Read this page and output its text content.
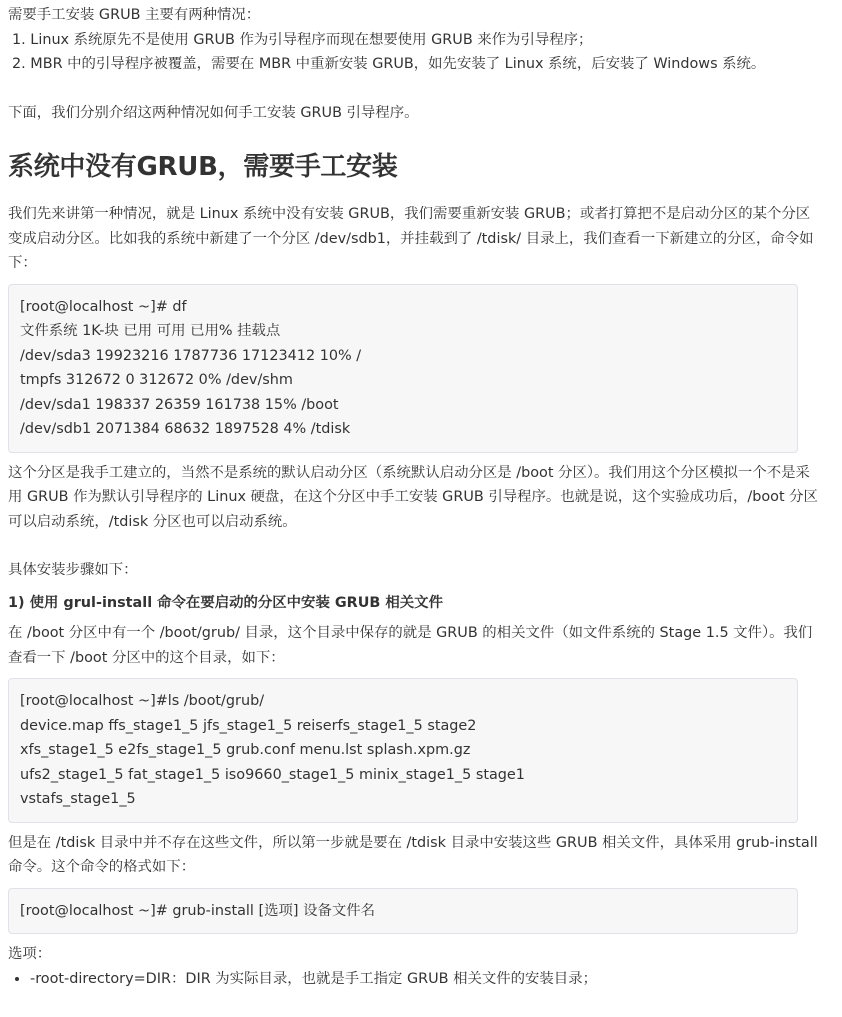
需要手工安装 GRUB 主要有两种情况：
1. Linux 系统原先不是使用 GRUB 作为引导程序而现在想要使用 GRUB 来作为引导程序；
2. MBR 中的引导程序被覆盖，需要在 MBR 中重新安装 GRUB，如先安装了 Linux 系统，后安装了 Windows 系统。
下面，我们分别介绍这两种情况如何手工安装 GRUB 引导程序。
系统中没有GRUB，需要手工安装

我们先来讲第一种情况，就是 Linux 系统中没有安装 GRUB，我们需要重新安装 GRUB；或者打算把不是启动分区的某个分区变成启动分区。比如我的系统中新建了一个分区 /dev/sdb1，并挂载到了 /tdisk/ 目录上，我们查看一下新建立的分区，命令如下：

[root@localhost ~]# df
文件系统 1K-块 已用 可用 已用% 挂载点
/dev/sda3 19923216 1787736 17123412 10% /
tmpfs 312672 0 312672 0% /dev/shm
/dev/sda1 198337 26359 161738 15% /boot
/dev/sdb1 2071384 68632 1897528 4% /tdisk

这个分区是我手工建立的，当然不是系统的默认启动分区（系统默认启动分区是 /boot 分区）。我们用这个分区模拟一个不是采用 GRUB 作为默认引导程序的 Linux 硬盘，在这个分区中手工安装 GRUB 引导程序。也就是说，这个实验成功后，/boot 分区可以启动系统，/tdisk 分区也可以启动系统。

具体安装步骤如下：
1) 使用 grul-install 命令在要启动的分区中安装 GRUB 相关文件

在 /boot 分区中有一个 /boot/grub/ 目录，这个目录中保存的就是 GRUB 的相关文件（如文件系统的 Stage 1.5 文件）。我们查看一下 /boot 分区中的这个目录，如下：

[root@localhost ~]#ls /boot/grub/
device.map ffs_stage1_5 jfs_stage1_5 reiserfs_stage1_5 stage2
xfs_stage1_5 e2fs_stage1_5 grub.conf menu.lst splash.xpm.gz
ufs2_stage1_5 fat_stage1_5 iso9660_stage1_5 minix_stage1_5 stage1
vstafs_stage1_5

但是在 /tdisk 目录中并不存在这些文件，所以第一步就是要在 /tdisk 目录中安装这些 GRUB 相关文件，具体采用 grub-install 命令。这个命令的格式如下：

[root@localhost ~]# grub-install [选项] 设备文件名
选项：
• -root-directory=DIR：DIR 为实际目录，也就是手工指定 GRUB 相关文件的安装目录；
